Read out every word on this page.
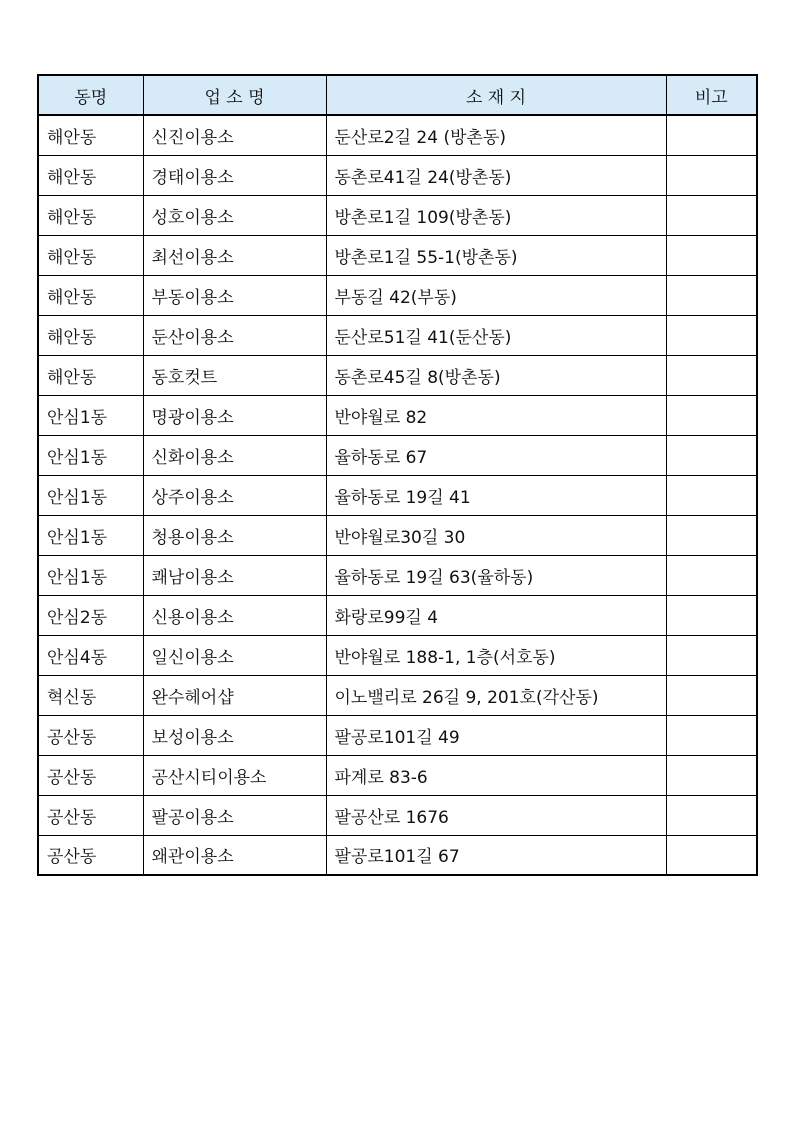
동명	업 소 명	소 재 지	비고
해안동	신진이용소	둔산로2길 24 (방촌동)	
해안동	경태이용소	동촌로41길 24(방촌동)	
해안동	성호이용소	방촌로1길 109(방촌동)	
해안동	최선이용소	방촌로1길 55-1(방촌동)	
해안동	부동이용소	부동길 42(부동)	
해안동	둔산이용소	둔산로51길 41(둔산동)	
해안동	동호컷트	동촌로45길 8(방촌동)	
안심1동	명광이용소	반야월로 82	
안심1동	신화이용소	율하동로 67	
안심1동	상주이용소	율하동로 19길 41	
안심1동	청용이용소	반야월로30길 30	
안심1동	쾌남이용소	율하동로 19길 63(율하동)	
안심2동	신용이용소	화랑로99길 4	
안심4동	일신이용소	반야월로 188-1, 1층(서호동)	
혁신동	완수헤어샵	이노밸리로 26길 9, 201호(각산동)	
공산동	보성이용소	팔공로101길 49	
공산동	공산시티이용소	파계로 83-6	
공산동	팔공이용소	팔공산로 1676	
공산동	왜관이용소	팔공로101길 67	
